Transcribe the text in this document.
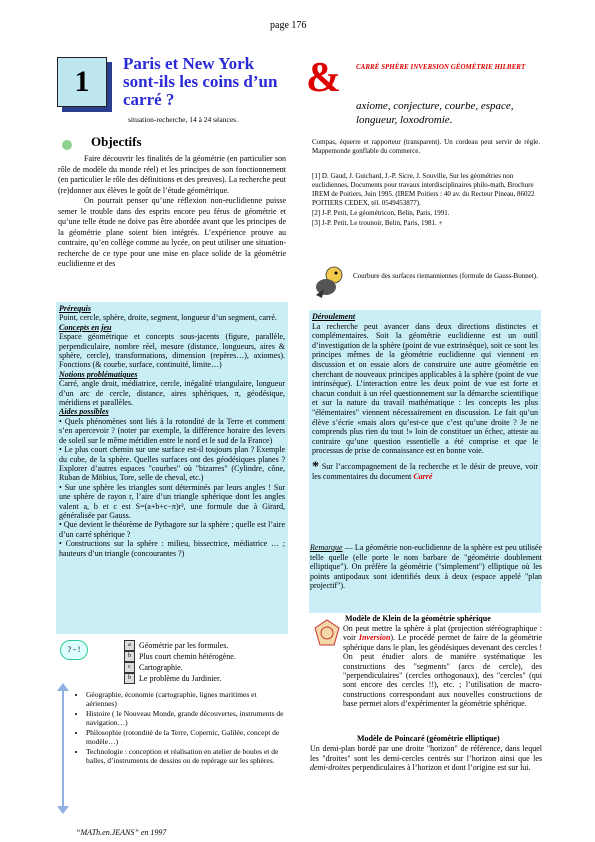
page 176
1
Paris et New York sont-ils les coins d’un carré ?
situation-recherche, 14 à 24 séances.
& CARRÉ SPHÈRE INVERSION GÉOMÉTRIE HILBERT
axiome, conjecture, courbe, espace, longueur, loxodromie.
Objectifs

Faire découvrir les finalités de la géométrie (en particulier son rôle de modèle du monde réel) et les principes de son fonctionnement (en particulier le rôle des définitions et des preuves). La recherche peut (re)donner aux élèves le goût de l’étude géométrique.

On pourrait penser qu’une réflexion non-euclidienne puisse semer le trouble dans des esprits encore peu férus de géométrie et qu’une telle étude ne doive pas être abordée avant que les principes de la géométrie plane soient bien intégrés. L’expérience prouve au contraire, qu’en collège comme au lycée, on peut utiliser une situation-recherche de ce type pour une mise en place solide de la géométrie euclidienne et des

Compas, équerre et rapporteur (transparent). Un cordeau peut servir de règle. Mappemonde gonflable du commerce.
[1] D. Gaud, J. Guichard, J.-P. Sicre, J. Souville, Sur les géométries non euclidiennes, Documents pour travaux interdisciplinaires philo-math, Brochure IREM de Poitiers, Juin 1995. (IREM Poitiers : 40 av. du Recteur Pineau, 86022 POITIERS CEDEX, tél. 0549453877).
[2] J-P. Petit, Le géométricon, Belin, Paris, 1991.
[3] J-P. Petit, Le trounoir, Belin, Paris, 1981. +
Courbure des surfaces riemanniennes (formule de Gauss-Bonnet).
Prérequis
Point, cercle, sphère, droite, segment, longueur d’un segment, carré.
Concepts en jeu
Espace géométrique et concepts sous-jacents (figure, parallèle, perpendiculaire, nombre réel, mesure (distance, longueurs, aires & sphère, cercle), transformations, dimension (repères…), axiomes). Fonctions (& courbe, surface, continuité, limite…)
Notions problématiques
Carré, angle droit, médiatrice, cercle, inégalité triangulaire, longueur d’un arc de cercle, distance, aires sphériques, π, géodésique, méridiens et parallèles.
Aides possibles
• Quels phénomènes sont liés à la rotondité de la Terre et comment s’en apercevoir ? (noter par exemple, la différence horaire des levers de soleil sur le même méridien entre le nord et le sud de la France)
• Le plus court chemin sur une surface est-il toujours plan ? Exemple du cube, de la sphère. Quelles surfaces ont des géodésiques planes ? Explorer d’autres espaces "courbes" où "bizarres" (Cylindre, cône, Ruban de Möbius, Tore, selle de cheval, etc.)
• Sur une sphère les triangles sont déterminés par leurs angles ! Sur une sphère de rayon r, l’aire d’un triangle sphérique dont les angles valent a, b et c est S=(a+b+c−π)r², une formule due à Girard, généralisée par Gauss.
• Que devient le théorème de Pythagore sur la sphère ; quelle est l’aire d’un carré sphérique ?
• Constructions sur la sphère : milieu, bissectrice, médiatrice … ; hauteurs d’un triangle (concourantes ?)
? - !	a	Géométrie par les formules.
b	Plus court chemin hétérogène.
c	Cartographie.
b	Le problème du Jardinier.
• Géographie, économie (cartographie, lignes maritimes et aériennes)
• Histoire ( le Nouveau Monde, grande découvertes, instruments de navigation…)
• Philosophie (rotondité de la Terre, Copernic, Galilée, concept de modèle…)
• Technologie : conception et réalisation en atelier de boules et de balles, d’instruments de dessins ou de repérage sur les sphères.
“MATh.en.JEANS” en 1997
Déroulement
La recherche peut avancer dans deux directions distinctes et complémentaires. Soit la géométrie euclidienne est un outil d’investigation de la sphère (point de vue extrinsèque), soit ce sont les principes mêmes de la géométrie euclidienne qui viennent en discussion et on essaie alors de construire une autre géométrie en cherchant de nouveaux principes applicables à la sphère (point de vue intrinsèque). L’interaction entre les deux point de vue est forte et chacun conduit à un réel questionnement sur la démarche scientifique et sur la nature du travail mathématique : les concepts les plus "élémentaires" viennent nécessairement en discussion. Le fait qu’un élève s’écrie «mais alors qu’est-ce que c’est qu’une droite ? Je ne comprends plus rien du tout !» loin de constituer un échec, atteste au contraire qu’une question essentielle a été comprise et que le processus de prise de connaissance est en bonne voie.
* Sur l’accompagnement de la recherche et le désir de preuve, voir les commentaires du document Carré
Remarque — La géométrie non-euclidienne de la sphère est peu utilisée telle quelle (elle porte le nom barbare de "géométrie doublement elliptique"). On préfère la géométrie ("simplement") elliptique où les points antipodaux sont identifiés deux à deux (espace appelé "plan projectif").
Modèle de Klein de la géométrie sphérique
On peut mettre la sphère à plat (projection stéréographique : voir Inversion). Le procédé permet de faire de la géométrie sphérique dans le plan, les géodésiques devenant des cercles ! On peut étudier alors de manière systématique les constructions des "segments" (arcs de cercle), des "perpendiculaires" (cercles orthogonaux), des "cercles" (qui sont encore des cercles !!), etc. ; l’utilisation de macro-constructions correspondant aux nouvelles constructions de base permet alors d’expérimenter la géométrie sphérique.
Modèle de Poincaré (géométrie elliptique)
Un demi-plan bordé par une droite "horizon" de référence, dans lequel les "droites" sont les demi-cercles centrés sur l’horizon ainsi que les demi-droites perpendiculaires à l’horizon et dont l’origine est sur lui.
